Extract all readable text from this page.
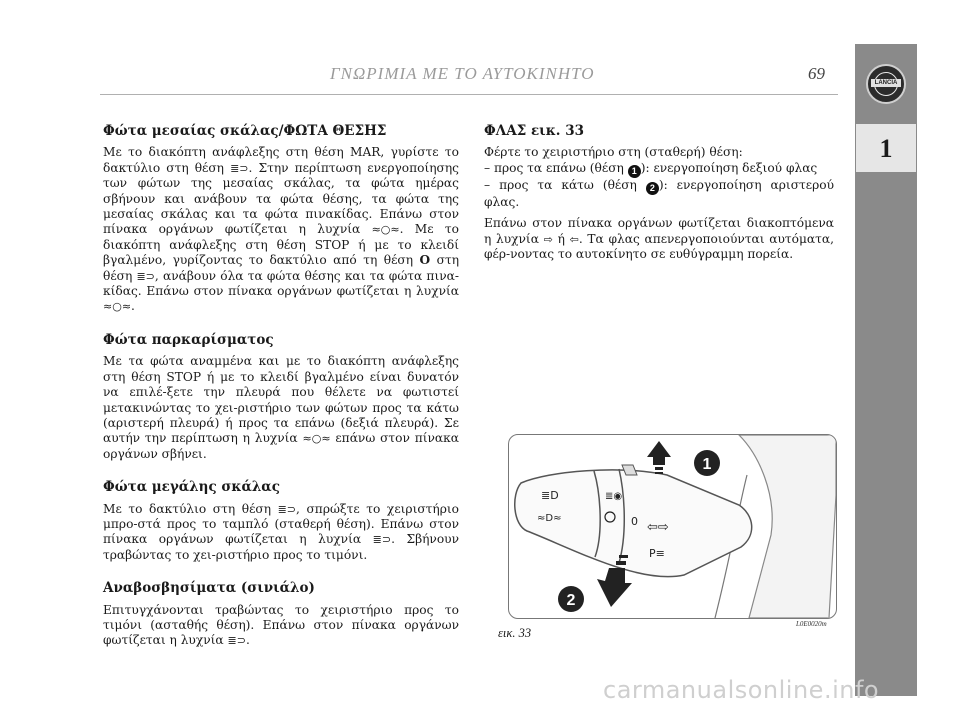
ΓΝΩΡΙΜΙΑ ΜΕ ΤΟ ΑΥΤΟΚΙΝΗΤΟ	69	LANCIA
1
Φώτα μεσαίας σκάλας/ΦΩΤΑ ΘΕΣΗΣ
Με το διακόπτη ανάφλεξης στη θέση MAR, γυρίστε το δακτύλιο στη θέση ≣⊃. Στην περίπτωση ενεργοποίησης των φώτων της μεσαίας σκάλας, τα φώτα ημέρας σβήνουν και ανάβουν τα φώτα θέσης, τα φώτα της μεσαίας σκάλας και τα φώτα πινακίδας. Επάνω στον πίνακα οργάνων φωτίζεται η λυχνία ≈○≈. Με το διακόπτη ανάφλεξης στη θέση STOP ή με το κλειδί βγαλμένο, γυρίζοντας το δακτύλιο από τη θέση O στη θέση ≣⊃, ανάβουν όλα τα φώτα θέσης και τα φώτα πινα-κίδας. Επάνω στον πίνακα οργάνων φωτίζεται η λυχνία ≈○≈.
Φώτα παρκαρίσματος
Με τα φώτα αναμμένα και με το διακόπτη ανάφλεξης στη θέση STOP ή με το κλειδί βγαλμένο είναι δυνατόν να επιλέ-ξετε την πλευρά που θέλετε να φωτιστεί μετακινώντας το χει-ριστήριο των φώτων προς τα κάτω (αριστερή πλευρά) ή προς τα επάνω (δεξιά πλευρά). Σε αυτήν την περίπτωση η λυχνία ≈○≈ επάνω στον πίνακα οργάνων σβήνει.
Φώτα μεγάλης σκάλας
Με το δακτύλιο στη θέση ≣⊃, σπρώξτε το χειριστήριο μπρο-στά προς το ταμπλό (σταθερή θέση). Επάνω στον πίνακα οργάνων φωτίζεται η λυχνία ≣⊃. Σβήνουν τραβώντας το χει-ριστήριο προς το τιμόνι.
Αναβοσβησίματα (σινιάλο)
Επιτυγχάνονται τραβώντας το χειριστήριο προς το τιμόνι (ασταθής θέση). Επάνω στον πίνακα οργάνων φωτίζεται η λυχνία ≣⊃.
ΦΛΑΣ εικ. 33
Φέρτε το χειριστήριο στη (σταθερή) θέση:
– προς τα επάνω (θέση 1 ): ενεργοποίηση δεξιού φλας
– προς τα κάτω (θέση 2 ): ενεργοποίηση αριστερού φλας.
Επάνω στον πίνακα οργάνων φωτίζεται διακοπτόμενα η λυχνία ⇨ ή ⇦. Τα φλας απενεργοποιούνται αυτόματα, φέρ-νοντας το αυτοκίνητο σε ευθύγραμμη πορεία.
≣D
≈D≈
≣◉
0 ⇦⇨
P≡
1
2
εικ. 33
L0E0020m
carmanualsonline.info
